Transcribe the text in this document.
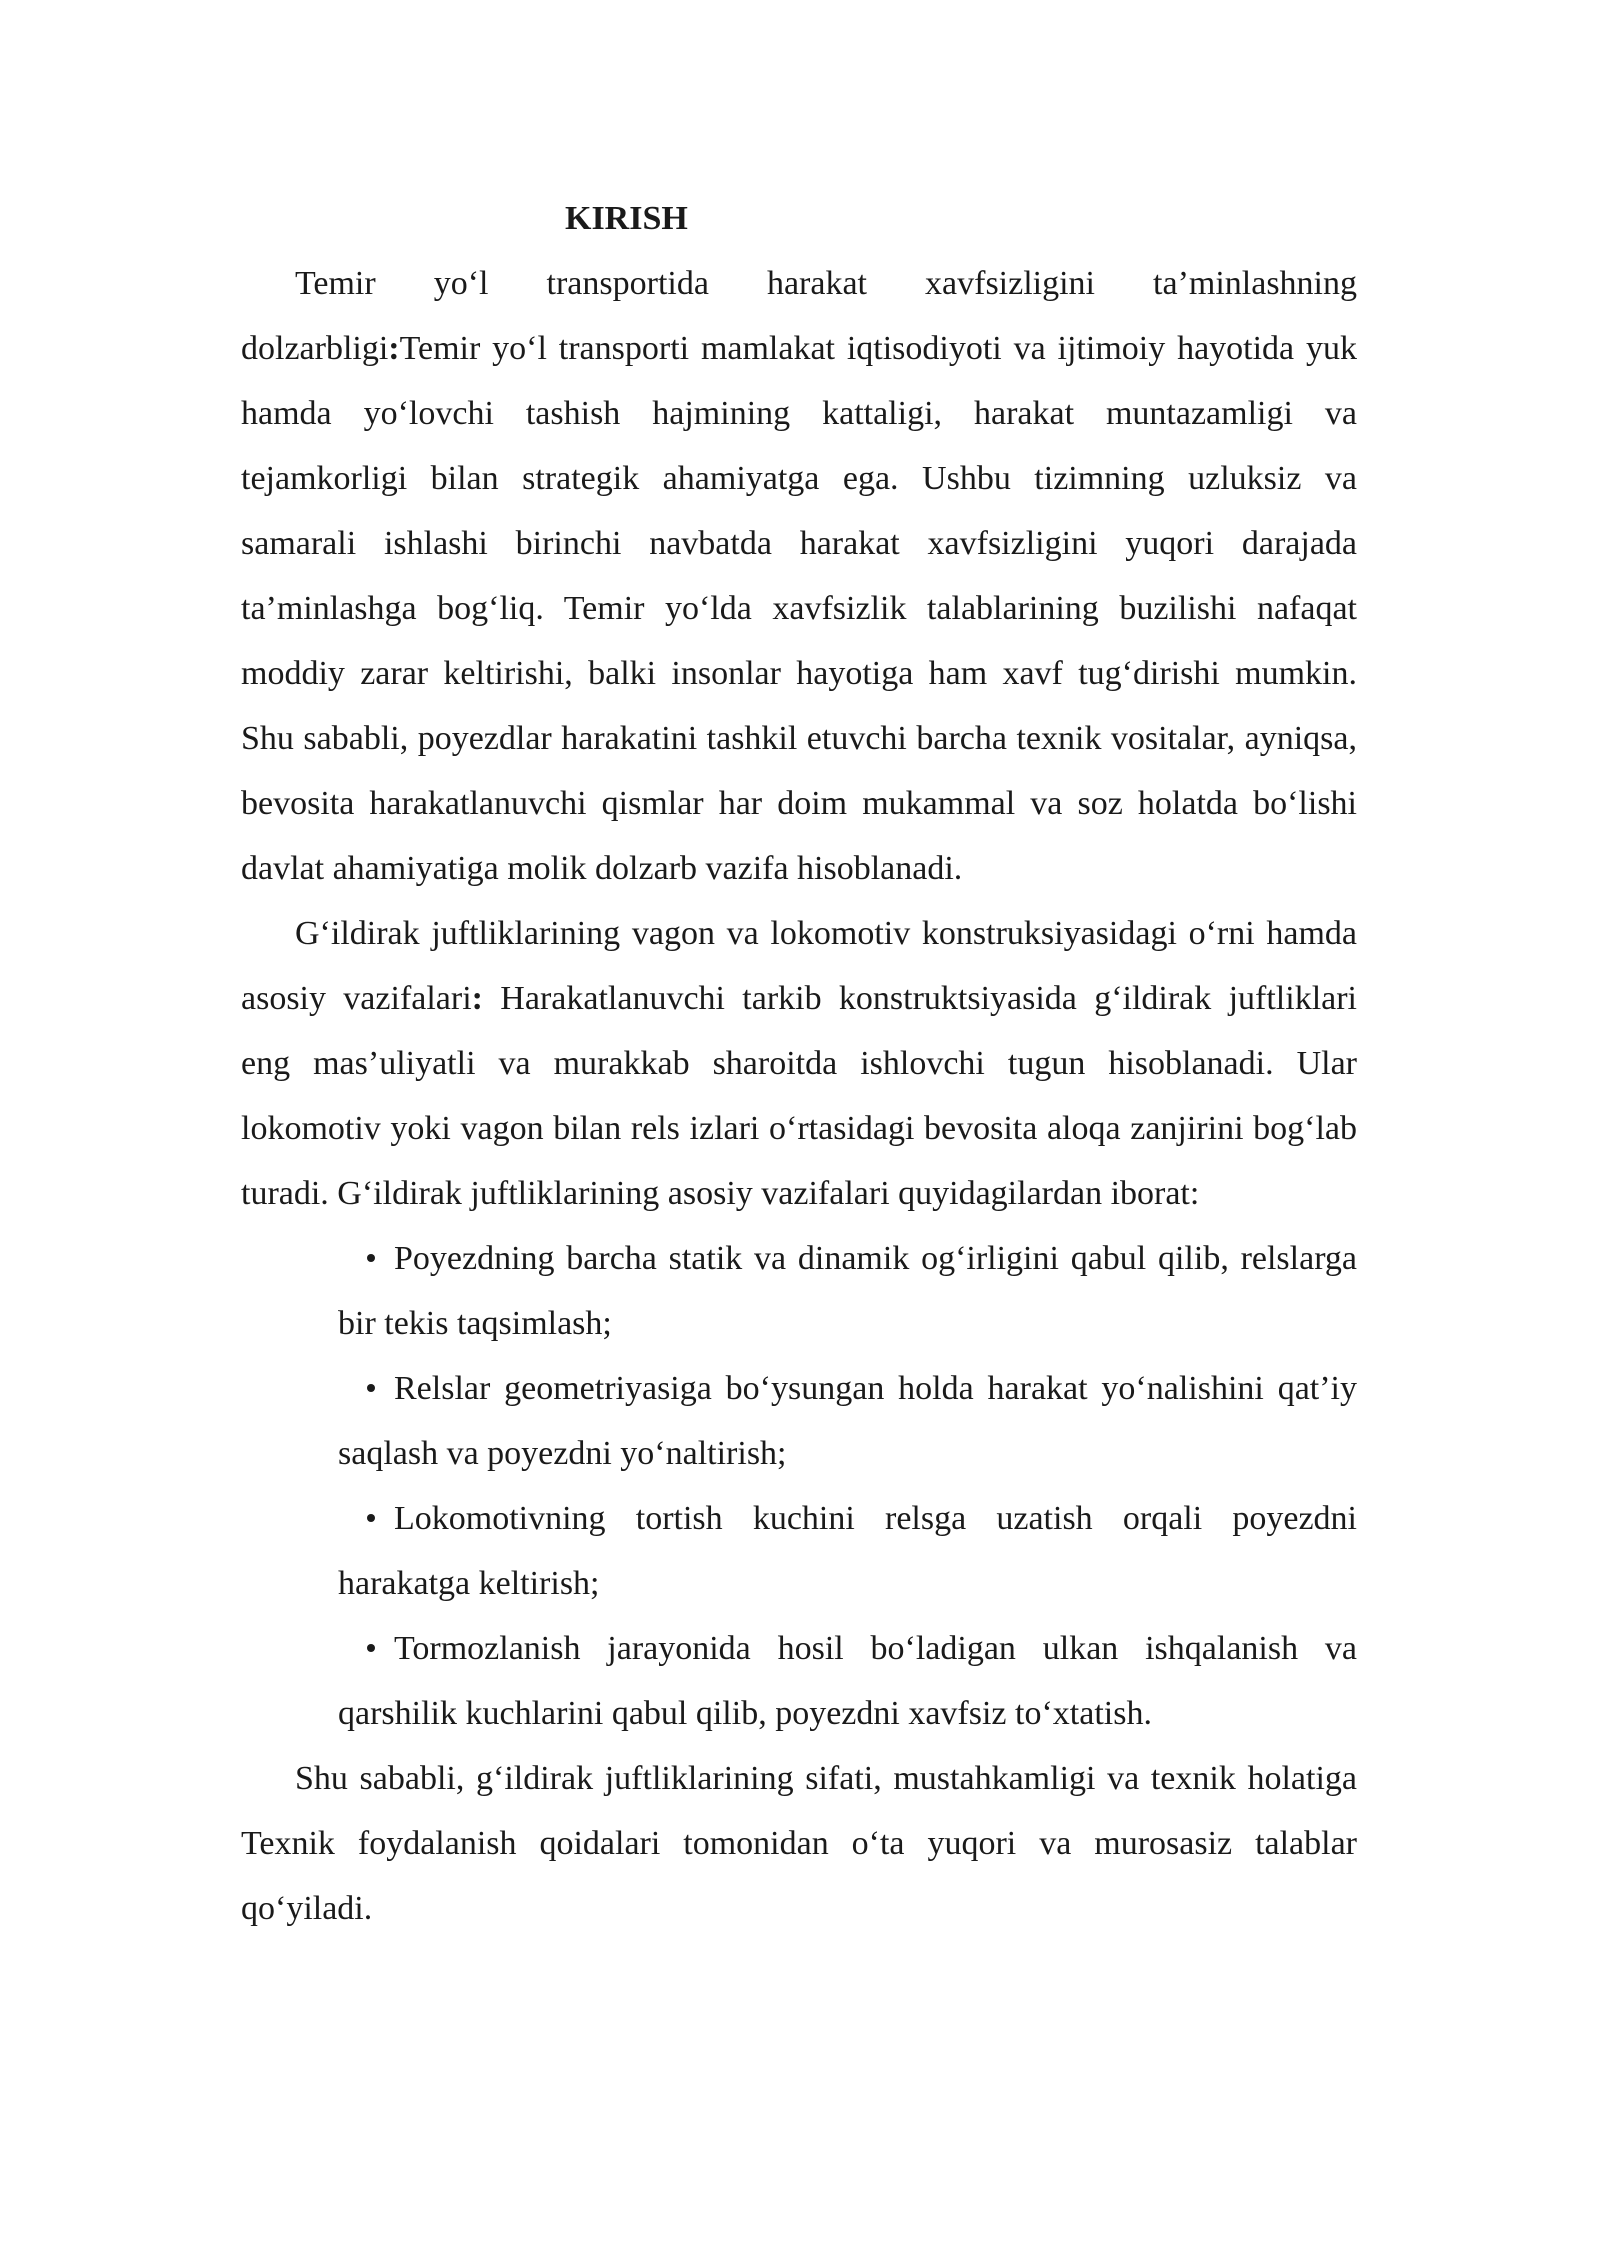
KIRISH

Temir yo‘l transportida harakat xavfsizligini ta’minlashning dolzarbligi:Temir yo‘l transporti mamlakat iqtisodiyoti va ijtimoiy hayotida yuk hamda yo‘lovchi tashish hajmining kattaligi, harakat muntazamligi va tejamkorligi bilan strategik ahamiyatga ega. Ushbu tizimning uzluksiz va samarali ishlashi birinchi navbatda harakat xavfsizligini yuqori darajada ta’minlashga bog‘liq. Temir yo‘lda xavfsizlik talablarining buzilishi nafaqat moddiy zarar keltirishi, balki insonlar hayotiga ham xavf tug‘dirishi mumkin. Shu sababli, poyezdlar harakatini tashkil etuvchi barcha texnik vositalar, ayniqsa, bevosita harakatlanuvchi qismlar har doim mukammal va soz holatda bo‘lishi davlat ahamiyatiga molik dolzarb vazifa hisoblanadi.

G‘ildirak juftliklarining vagon va lokomotiv konstruksiyasidagi o‘rni hamda asosiy vazifalari: Harakatlanuvchi tarkib konstruktsiyasida g‘ildirak juftliklari eng mas’uliyatli va murakkab sharoitda ishlovchi tugun hisoblanadi. Ular lokomotiv yoki vagon bilan rels izlari o‘rtasidagi bevosita aloqa zanjirini bog‘lab turadi. G‘ildirak juftliklarining asosiy vazifalari quyidagilardan iborat:

Poyezdning barcha statik va dinamik og‘irligini qabul qilib, relslarga bir tekis taqsimlash;
Relslar geometriyasiga bo‘ysungan holda harakat yo‘nalishini qat’iy saqlash va poyezdni yo‘naltirish;
Lokomotivning tortish kuchini relsga uzatish orqali poyezdni harakatga keltirish;
Tormozlanish jarayonida hosil bo‘ladigan ulkan ishqalanish va qarshilik kuchlarini qabul qilib, poyezdni xavfsiz to‘xtatish.

Shu sababli, g‘ildirak juftliklarining sifati, mustahkamligi va texnik holatiga Texnik foydalanish qoidalari tomonidan o‘ta yuqori va murosasiz talablar qo‘yiladi.
